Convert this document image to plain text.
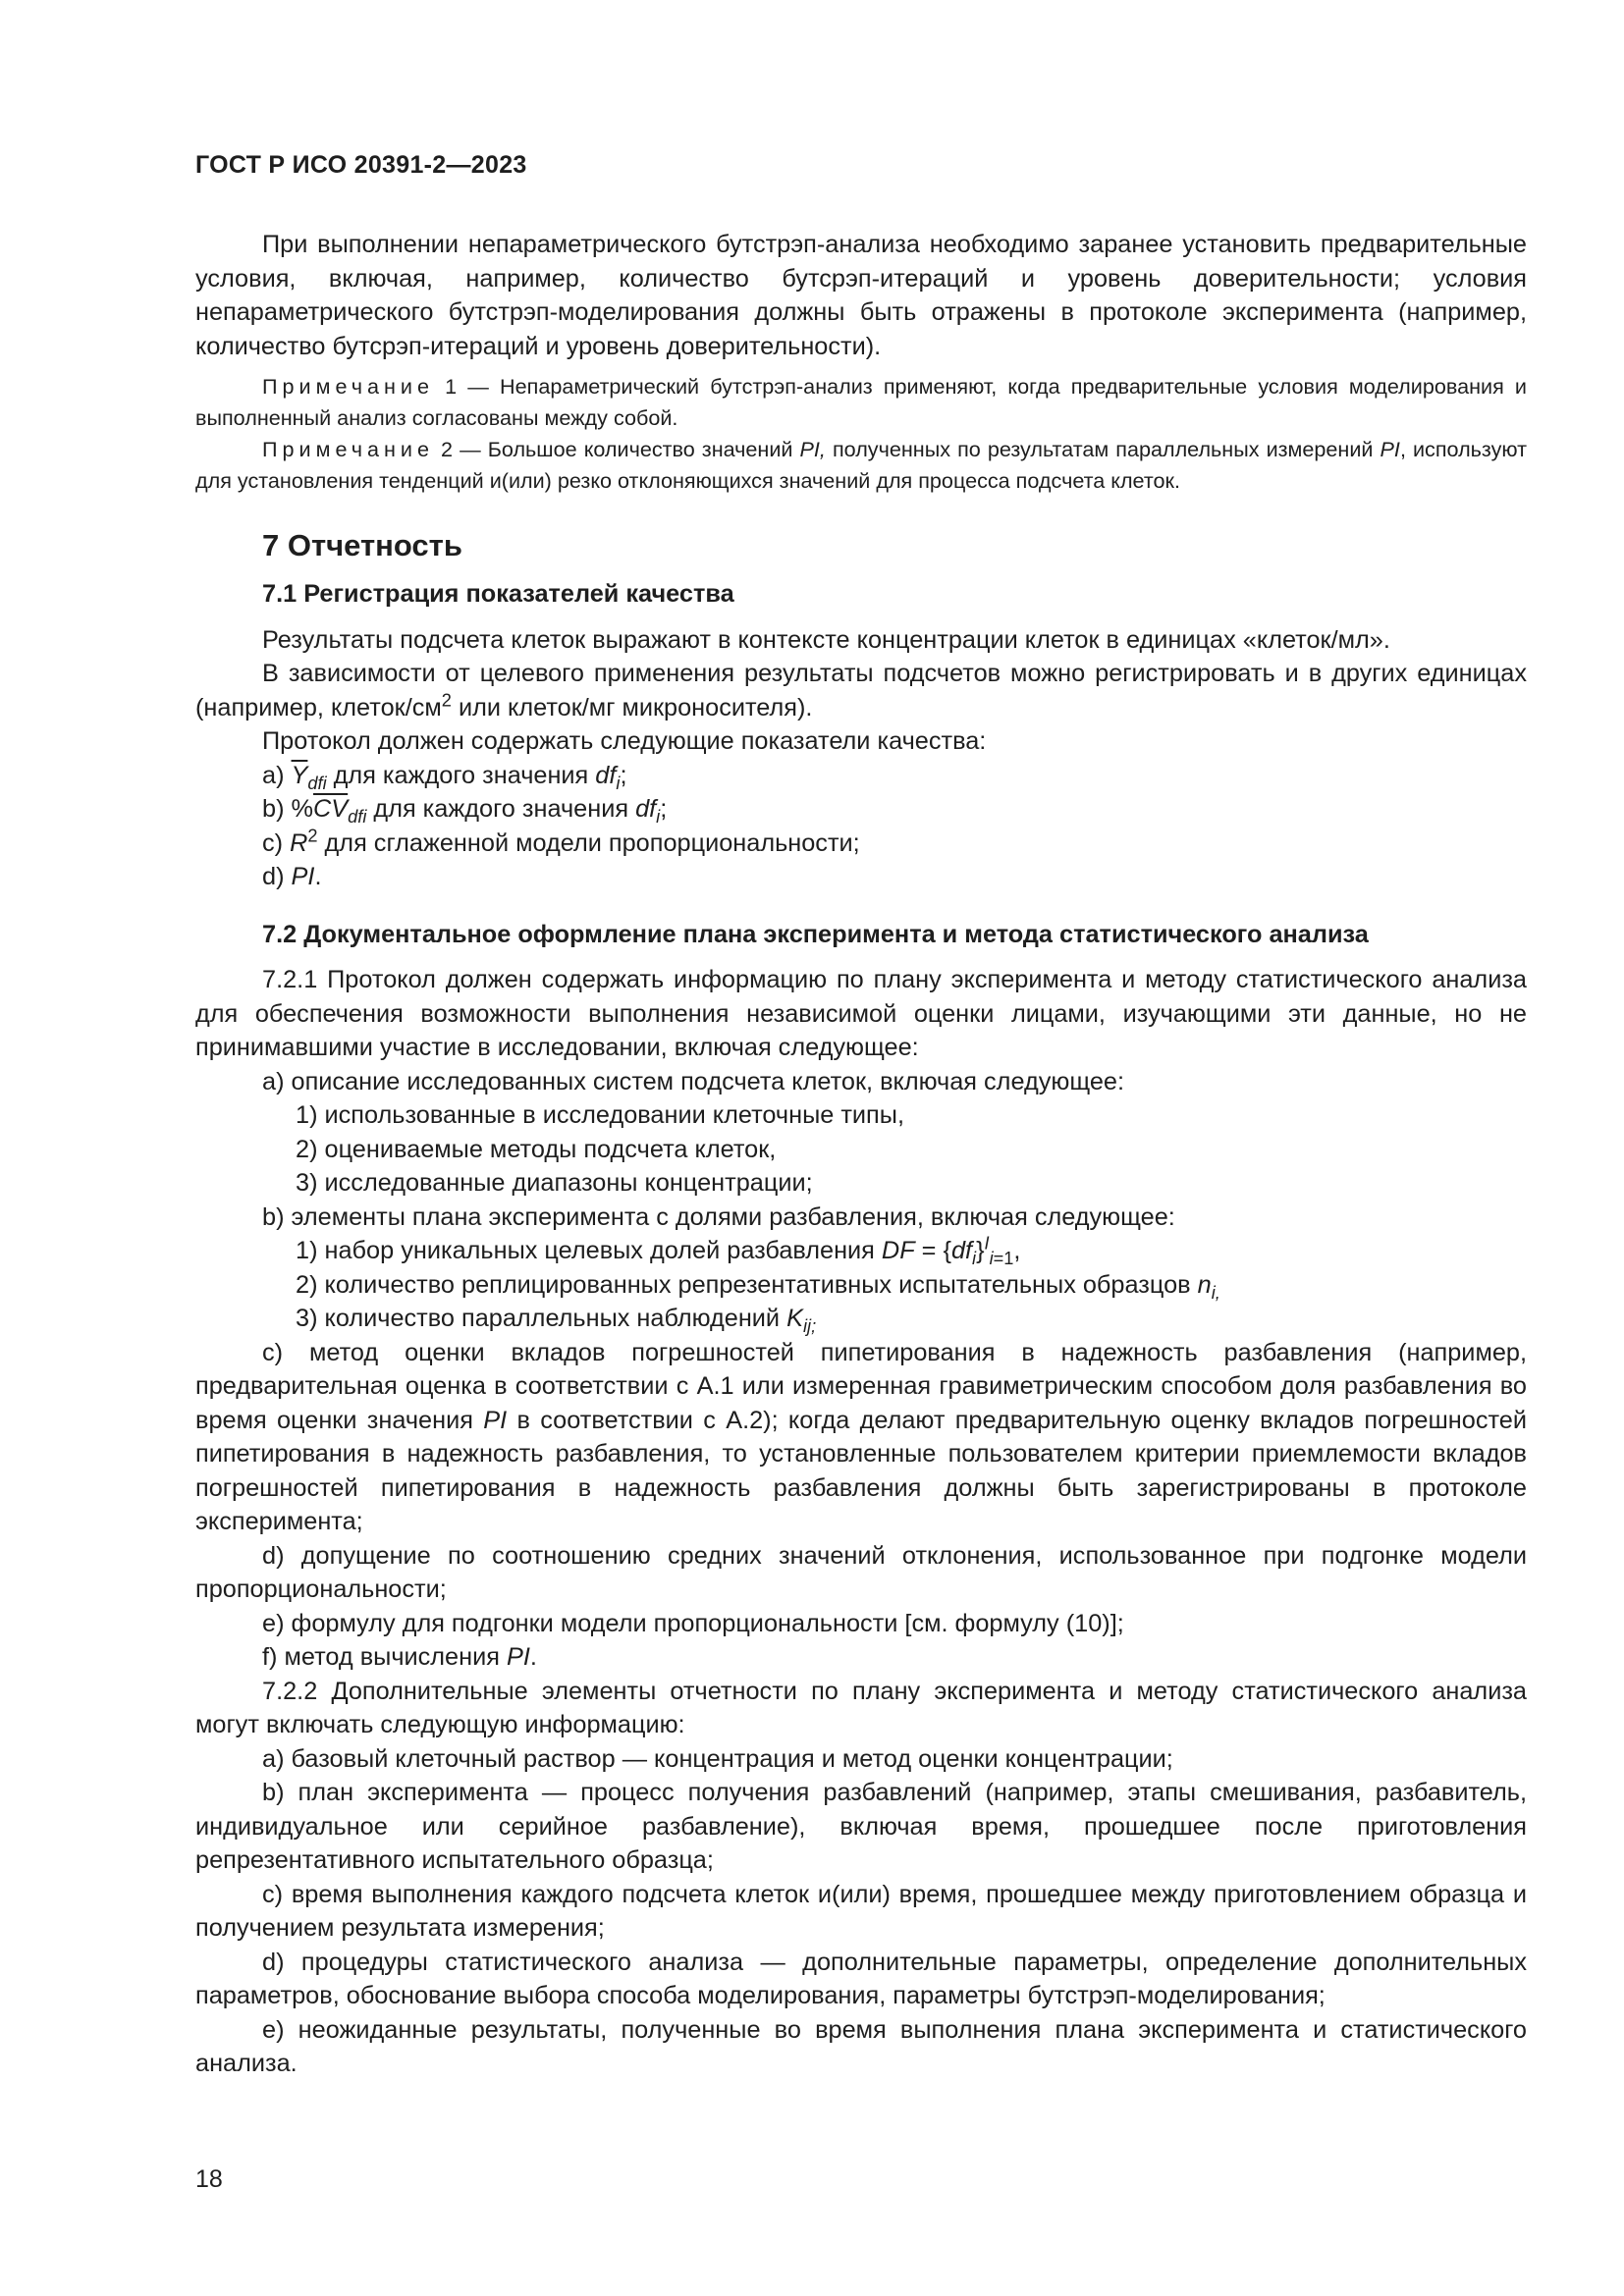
ГОСТ Р ИСО 20391-2—2023

При выполнении непараметрического бутстрэп-анализа необходимо заранее установить предварительные условия, включая, например, количество бутсрэп-итераций и уровень доверительности; условия непараметрического бутстрэп-моделирования должны быть отражены в протоколе эксперимента (например, количество бутсрэп-итераций и уровень доверительности).

Примечание 1 — Непараметрический бутстрэп-анализ применяют, когда предварительные условия моделирования и выполненный анализ согласованы между собой.

Примечание 2 — Большое количество значений PI, полученных по результатам параллельных измерений PI, используют для установления тенденций и(или) резко отклоняющихся значений для процесса подсчета клеток.

7 Отчетность
7.1 Регистрация показателей качества

Результаты подсчета клеток выражают в контексте концентрации клеток в единицах «клеток/мл».

В зависимости от целевого применения результаты подсчетов можно регистрировать и в других единицах (например, клеток/$см^2$ или клеток/мг микроносителя).

Протокол должен содержать следующие показатели качества:

a) $\overline{Y}_{dfi}$ для каждого значения $df_i$;

b) $\%\overline{CV}_{dfi}$ для каждого значения $df_i$;

c) $R^2$ для сглаженной модели пропорциональности;

d) PI.

7.2 Документальное оформление плана эксперимента и метода статистического анализа

7.2.1 Протокол должен содержать информацию по плану эксперимента и методу статистического анализа для обеспечения возможности выполнения независимой оценки лицами, изучающими эти данные, но не принимавшими участие в исследовании, включая следующее:

a) описание исследованных систем подсчета клеток, включая следующее:

1) использованные в исследовании клеточные типы,

2) оцениваемые методы подсчета клеток,

3) исследованные диапазоны концентрации;

b) элементы плана эксперимента с долями разбавления, включая следующее:

1) набор уникальных целевых долей разбавления DF = $\{df_i\}^I_{i=1}$,

2) количество реплицированных репрезентативных испытательных образцов $n_{i,}$

3) количество параллельных наблюдений $K_{ij;}$

c) метод оценки вкладов погрешностей пипетирования в надежность разбавления (например, предварительная оценка в соответствии с А.1 или измеренная гравиметрическим способом доля разбавления во время оценки значения PI в соответствии с А.2); когда делают предварительную оценку вкладов погрешностей пипетирования в надежность разбавления, то установленные пользователем критерии приемлемости вкладов погрешностей пипетирования в надежность разбавления должны быть зарегистрированы в протоколе эксперимента;

d) допущение по соотношению средних значений отклонения, использованное при подгонке модели пропорциональности;

e) формулу для подгонки модели пропорциональности [см. формулу (10)];

f) метод вычисления PI.

7.2.2 Дополнительные элементы отчетности по плану эксперимента и методу статистического анализа могут включать следующую информацию:

a) базовый клеточный раствор — концентрация и метод оценки концентрации;

b) план эксперимента — процесс получения разбавлений (например, этапы смешивания, разбавитель, индивидуальное или серийное разбавление), включая время, прошедшее после приготовления репрезентативного испытательного образца;

c) время выполнения каждого подсчета клеток и(или) время, прошедшее между приготовлением образца и получением результата измерения;

d) процедуры статистического анализа — дополнительные параметры, определение дополнительных параметров, обоснование выбора способа моделирования, параметры бутстрэп-моделирования;

e) неожиданные результаты, полученные во время выполнения плана эксперимента и статистического анализа.

18
